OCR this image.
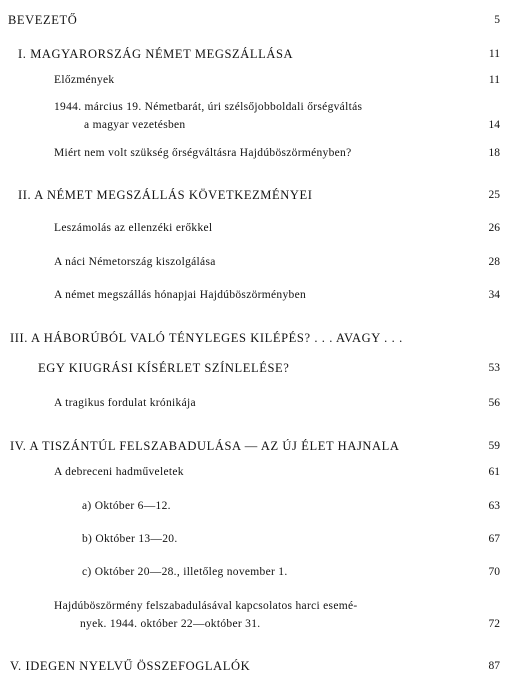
BEVEZETŐ	5
I. MAGYARORSZÁG NÉMET MEGSZÁLLÁSA	11
Előzmények	11
1944. március 19. Németbarát, úri szélsőjobboldali őrségváltás
a magyar vezetésben	14
Miért nem volt szükség őrségváltásra Hajdúböszörményben?	18
II. A NÉMET MEGSZÁLLÁS KÖVETKEZMÉNYEI	25
Leszámolás az ellenzéki erőkkel	26
A náci Németország kiszolgálása	28
A német megszállás hónapjai Hajdúböszörményben	34
III. A HÁBORÚBÓL VALÓ TÉNYLEGES KILÉPÉS? . . . AVAGY . . .
EGY KIUGRÁSI KÍSÉRLET SZÍNLELÉSE?	53
A tragikus fordulat krónikája	56
IV. A TISZÁNTÚL FELSZABADULÁSA — AZ ÚJ ÉLET HAJNALA	59
A debreceni hadműveletek	61
a) Október 6—12.	63
b) Október 13—20.	67
c) Október 20—28., illetőleg november 1.	70
Hajdúböszörmény felszabadulásával kapcsolatos harci esemé-
nyek. 1944. október 22—október 31.	72
V. IDEGEN NYELVŰ ÖSSZEFOGLALÓK	87
